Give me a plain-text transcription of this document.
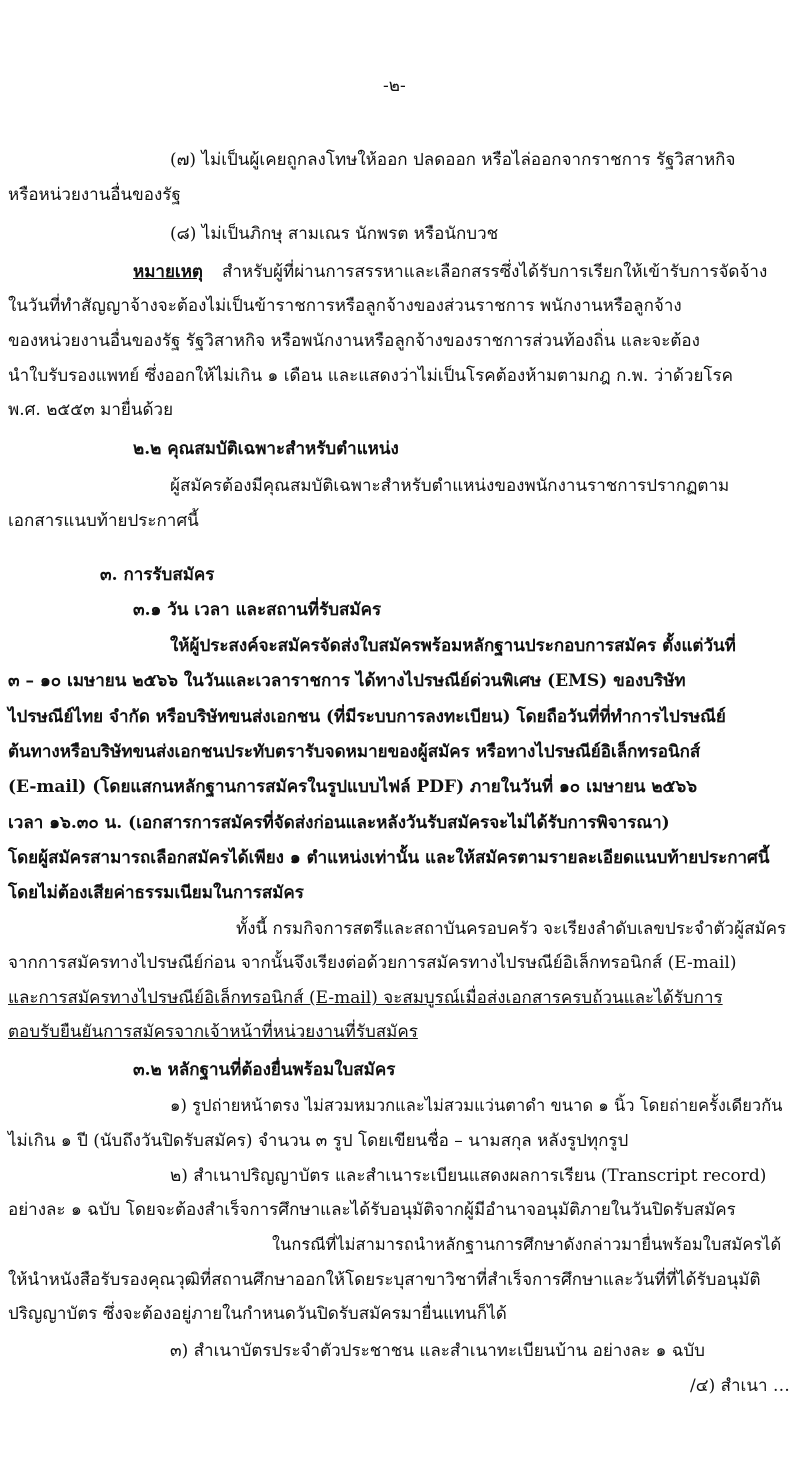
-๒-
(๗) ไม่เป็นผู้เคยถูกลงโทษให้ออก ปลดออก หรือไล่ออกจากราชการ รัฐวิสาหกิจ
หรือหน่วยงานอื่นของรัฐ
(๘) ไม่เป็นภิกษุ สามเณร นักพรต หรือนักบวช
หมายเหตุ สำหรับผู้ที่ผ่านการสรรหาและเลือกสรรซึ่งได้รับการเรียกให้เข้ารับการจัดจ้าง
ในวันที่ทำสัญญาจ้างจะต้องไม่เป็นข้าราชการหรือลูกจ้างของส่วนราชการ พนักงานหรือลูกจ้าง
ของหน่วยงานอื่นของรัฐ รัฐวิสาหกิจ หรือพนักงานหรือลูกจ้างของราชการส่วนท้องถิ่น และจะต้อง
นำใบรับรองแพทย์ ซึ่งออกให้ไม่เกิน ๑ เดือน และแสดงว่าไม่เป็นโรคต้องห้ามตามกฎ ก.พ. ว่าด้วยโรค
พ.ศ. ๒๕๕๓ มายื่นด้วย
๒.๒ คุณสมบัติเฉพาะสำหรับตำแหน่ง
ผู้สมัครต้องมีคุณสมบัติเฉพาะสำหรับตำแหน่งของพนักงานราชการปรากฏตาม
เอกสารแนบท้ายประกาศนี้
๓. การรับสมัคร
๓.๑ วัน เวลา และสถานที่รับสมัคร
ให้ผู้ประสงค์จะสมัครจัดส่งใบสมัครพร้อมหลักฐานประกอบการสมัคร ตั้งแต่วันที่
๓ – ๑๐ เมษายน ๒๕๖๖ ในวันและเวลาราชการ ได้ทางไปรษณีย์ด่วนพิเศษ (EMS) ของบริษัท
ไปรษณีย์ไทย จำกัด หรือบริษัทขนส่งเอกชน (ที่มีระบบการลงทะเบียน) โดยถือวันที่ที่ทำการไปรษณีย์
ต้นทางหรือบริษัทขนส่งเอกชนประทับตรารับจดหมายของผู้สมัคร หรือทางไปรษณีย์อิเล็กทรอนิกส์
(E-mail) (โดยแสกนหลักฐานการสมัครในรูปแบบไฟล์ PDF) ภายในวันที่ ๑๐ เมษายน ๒๕๖๖
เวลา ๑๖.๓๐ น. (เอกสารการสมัครที่จัดส่งก่อนและหลังวันรับสมัครจะไม่ได้รับการพิจารณา)
โดยผู้สมัครสามารถเลือกสมัครได้เพียง ๑ ตำแหน่งเท่านั้น และให้สมัครตามรายละเอียดแนบท้ายประกาศนี้
โดยไม่ต้องเสียค่าธรรมเนียมในการสมัคร
ทั้งนี้ กรมกิจการสตรีและสถาบันครอบครัว จะเรียงลำดับเลขประจำตัวผู้สมัคร
จากการสมัครทางไปรษณีย์ก่อน จากนั้นจึงเรียงต่อด้วยการสมัครทางไปรษณีย์อิเล็กทรอนิกส์ (E-mail)
และการสมัครทางไปรษณีย์อิเล็กทรอนิกส์ (E-mail) จะสมบูรณ์เมื่อส่งเอกสารครบถ้วนและได้รับการ
ตอบรับยืนยันการสมัครจากเจ้าหน้าที่หน่วยงานที่รับสมัคร
๓.๒ หลักฐานที่ต้องยื่นพร้อมใบสมัคร
๑) รูปถ่ายหน้าตรง ไม่สวมหมวกและไม่สวมแว่นตาดำ ขนาด ๑ นิ้ว โดยถ่ายครั้งเดียวกัน
ไม่เกิน ๑ ปี (นับถึงวันปิดรับสมัคร) จำนวน ๓ รูป โดยเขียนชื่อ – นามสกุล หลังรูปทุกรูป
๒) สำเนาปริญญาบัตร และสำเนาระเบียนแสดงผลการเรียน (Transcript record)
อย่างละ ๑ ฉบับ โดยจะต้องสำเร็จการศึกษาและได้รับอนุมัติจากผู้มีอำนาจอนุมัติภายในวันปิดรับสมัคร
ในกรณีที่ไม่สามารถนำหลักฐานการศึกษาดังกล่าวมายื่นพร้อมใบสมัครได้
ให้นำหนังสือรับรองคุณวุฒิที่สถานศึกษาออกให้โดยระบุสาขาวิชาที่สำเร็จการศึกษาและวันที่ที่ได้รับอนุมัติ
ปริญญาบัตร ซึ่งจะต้องอยู่ภายในกำหนดวันปิดรับสมัครมายื่นแทนก็ได้
๓) สำเนาบัตรประจำตัวประชาชน และสำเนาทะเบียนบ้าน อย่างละ ๑ ฉบับ
/๔) สำเนา …
